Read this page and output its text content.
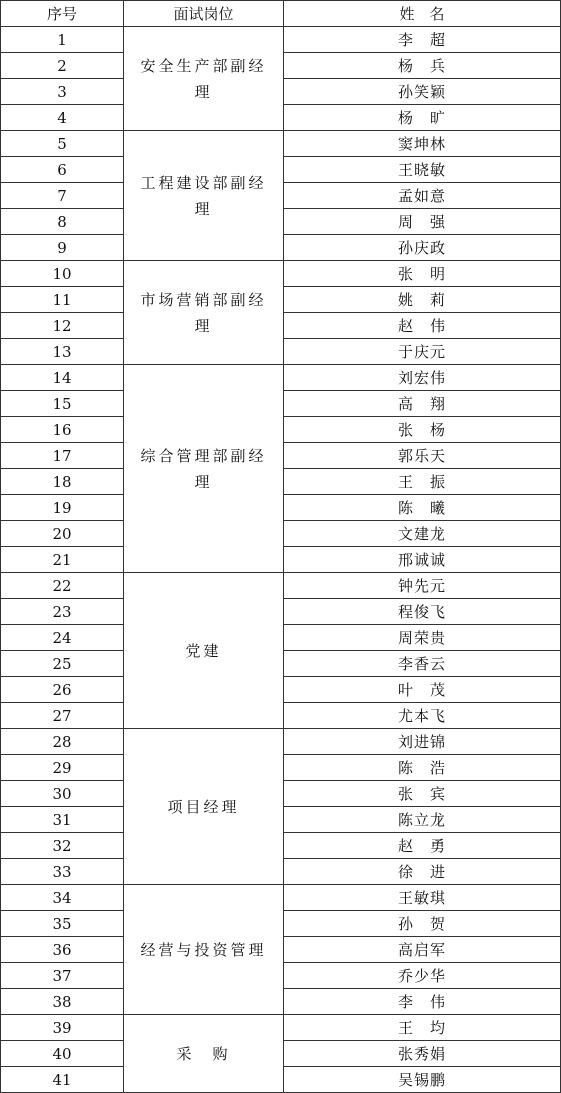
序号	面试岗位	姓　名
1	安全生产部副经理	李　超
2		杨　兵
3		孙笑颖
4		杨　旷
5	工程建设部副经理	窦坤林
6		王晓敏
7		孟如意
8		周　强
9		孙庆政
10	市场营销部副经理	张　明
11		姚　莉
12		赵　伟
13		于庆元
14	综合管理部副经理	刘宏伟
15		高　翔
16		张　杨
17		郭乐天
18		王　振
19		陈　曦
20		文建龙
21		邢诚诚
22	党建	钟先元
23		程俊飞
24		周荣贵
25		李香云
26		叶　茂
27		尤本飞
28	项目经理	刘进锦
29		陈　浩
30		张　宾
31		陈立龙
32		赵　勇
33		徐　进
34	经营与投资管理	王敏琪
35		孙　贺
36		高启军
37		乔少华
38		李　伟
39	采　购	王　均
40		张秀娟
41		吴锡鹏
